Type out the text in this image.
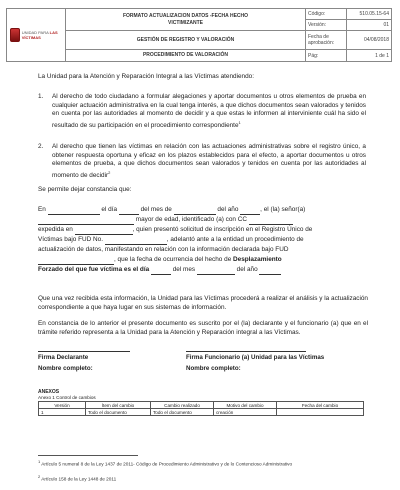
UNIDAD PARA LAS VÍCTIMAS	FORMATO ACTUALIZACION DATOS -FECHA HECHO
VICTIMIZANTE	Código:	510.05.15-64
		Versión:	01
	GESTIÓN DE REGISTRO Y VALORACIÓN	Fecha de aprobación:	04/08/2018
	PROCEDIMIENTO DE VALORACIÓN	Pág:	1 de 1
La Unidad para la Atención y Reparación Integral a las Víctimas atendiendo:
1. Al derecho de todo ciudadano a formular alegaciones y aportar documentos u otros elementos de prueba en cualquier actuación administrativa en la cual tenga interés, a que dichos documentos sean valorados y tenidos en cuenta por las autoridades al momento de decidir y a que estas le informen al interviniente cuál ha sido el resultado de su participación en el procedimiento correspondiente$^1$
2. Al derecho que tienen las víctimas en relación con las actuaciones administrativas sobre el registro único, a obtener respuesta oportuna y eficaz en los plazos establecidos para el efecto, a aportar documentos u otros elementos de prueba, a que dichos documentos sean valorados y tenidos en cuenta por las autoridades al momento de decidir$^2$
Se permite dejar constancia que:
En	el día	del mes de	del año	, el (la) señor(a)
mayor de edad, identificado (a) con CC
expedida en	, quien presentó solicitud de inscripción en el Registro Único de
Víctimas bajo FUD No.	, adelantó ante a la entidad un procedimiento de
actualización de datos, manifestando en relación con la información declarada bajo FUD
, que la fecha de ocurrencia del hecho de Desplazamiento
Forzado del que fue víctima es el día	del mes	del año
Que una vez recibida esta información, la Unidad para las Víctimas procederá a realizar el análisis y la actualización correspondiente a que haya lugar en sus sistemas de información.
En constancia de lo anterior el presente documento es suscrito por el (la) declarante y el funcionario (a) que en el trámite referido representa a la Unidad para la Atención y Reparación integral a las Víctimas.
Firma Declarante
Nombre completo:
Firma Funcionario (a) Unidad para las Víctimas
Nombre completo:
ANEXOS
Anexo 1 Control de cambios
Versión	Ítem del cambio	Cambio realizado	Motivo del cambio	Fecha del cambio
1	Todo el documento	Todo el documento	creación	
1 Artículo 5 numeral 8 de la Ley 1437 de 2011- Código de Procedimiento Administrativo y de lo Contencioso Administrativo
2 Artículo 158 de la Ley 1448 de 2011
